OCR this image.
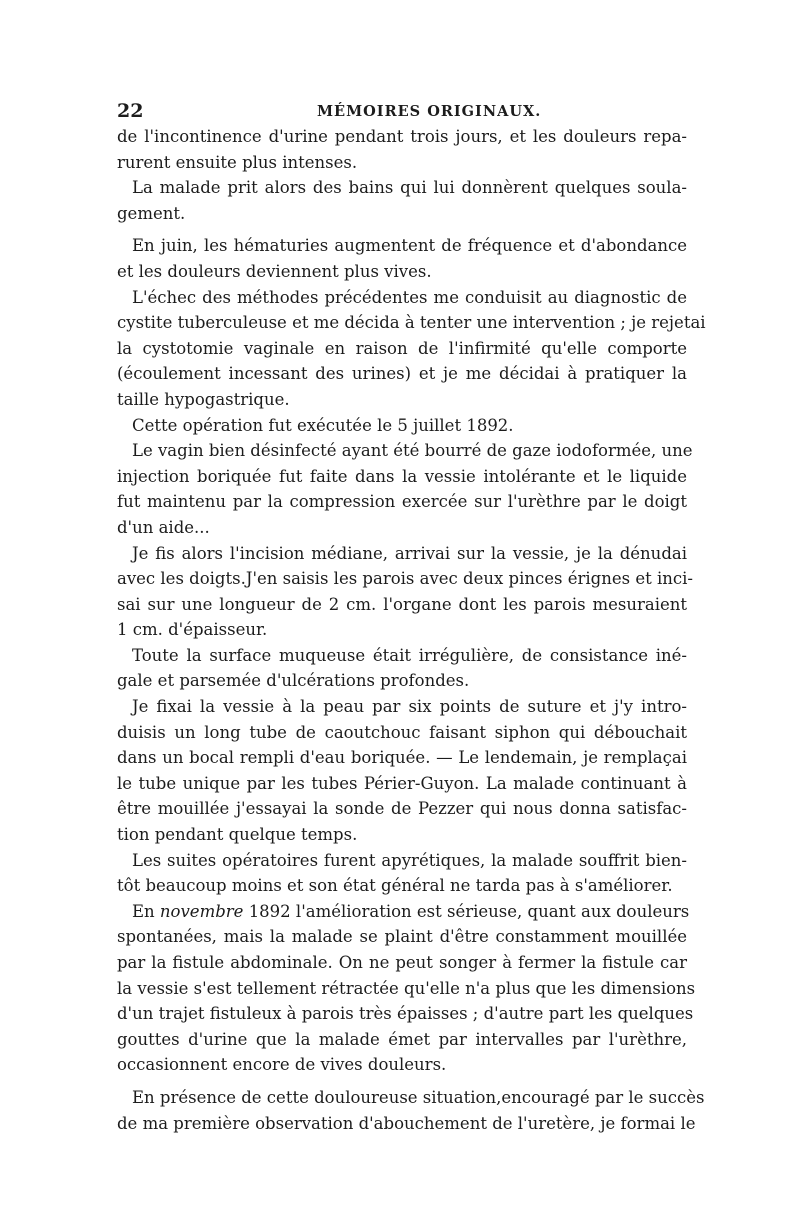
22	MÉMOIRES ORIGINAUX.
de l'incontinence d'urine pendant trois jours, et les douleurs repa-
rurent ensuite plus intenses.
La malade prit alors des bains qui lui donnèrent quelques soula-
gement.
En juin, les hématuries augmentent de fréquence et d'abondance
et les douleurs deviennent plus vives.
L'échec des méthodes précédentes me conduisit au diagnostic de
cystite tuberculeuse et me décida à tenter une intervention ; je rejetai
la cystotomie vaginale en raison de l'infirmité qu'elle comporte
(écoulement incessant des urines) et je me décidai à pratiquer la
taille hypogastrique.
Cette opération fut exécutée le 5 juillet 1892.
Le vagin bien désinfecté ayant été bourré de gaze iodoformée, une
injection boriquée fut faite dans la vessie intolérante et le liquide
fut maintenu par la compression exercée sur l'urèthre par le doigt
d'un aide...
Je fis alors l'incision médiane, arrivai sur la vessie, je la dénudai
avec les doigts.J'en saisis les parois avec deux pinces érignes et inci-
sai sur une longueur de 2 cm. l'organe dont les parois mesuraient
1 cm. d'épaisseur.
Toute la surface muqueuse était irrégulière, de consistance iné-
gale et parsemée d'ulcérations profondes.
Je fixai la vessie à la peau par six points de suture et j'y intro-
duisis un long tube de caoutchouc faisant siphon qui débouchait
dans un bocal rempli d'eau boriquée. — Le lendemain, je remplaçai
le tube unique par les tubes Périer-Guyon. La malade continuant à
être mouillée j'essayai la sonde de Pezzer qui nous donna satisfac-
tion pendant quelque temps.
Les suites opératoires furent apyrétiques, la malade souffrit bien-
tôt beaucoup moins et son état général ne tarda pas à s'améliorer.
En novembre 1892 l'amélioration est sérieuse, quant aux douleurs
spontanées, mais la malade se plaint d'être constamment mouillée
par la fistule abdominale. On ne peut songer à fermer la fistule car
la vessie s'est tellement rétractée qu'elle n'a plus que les dimensions
d'un trajet fistuleux à parois très épaisses ; d'autre part les quelques
gouttes d'urine que la malade émet par intervalles par l'urèthre,
occasionnent encore de vives douleurs.
En présence de cette douloureuse situation,encouragé par le succès
de ma première observation d'abouchement de l'uretère, je formai le
